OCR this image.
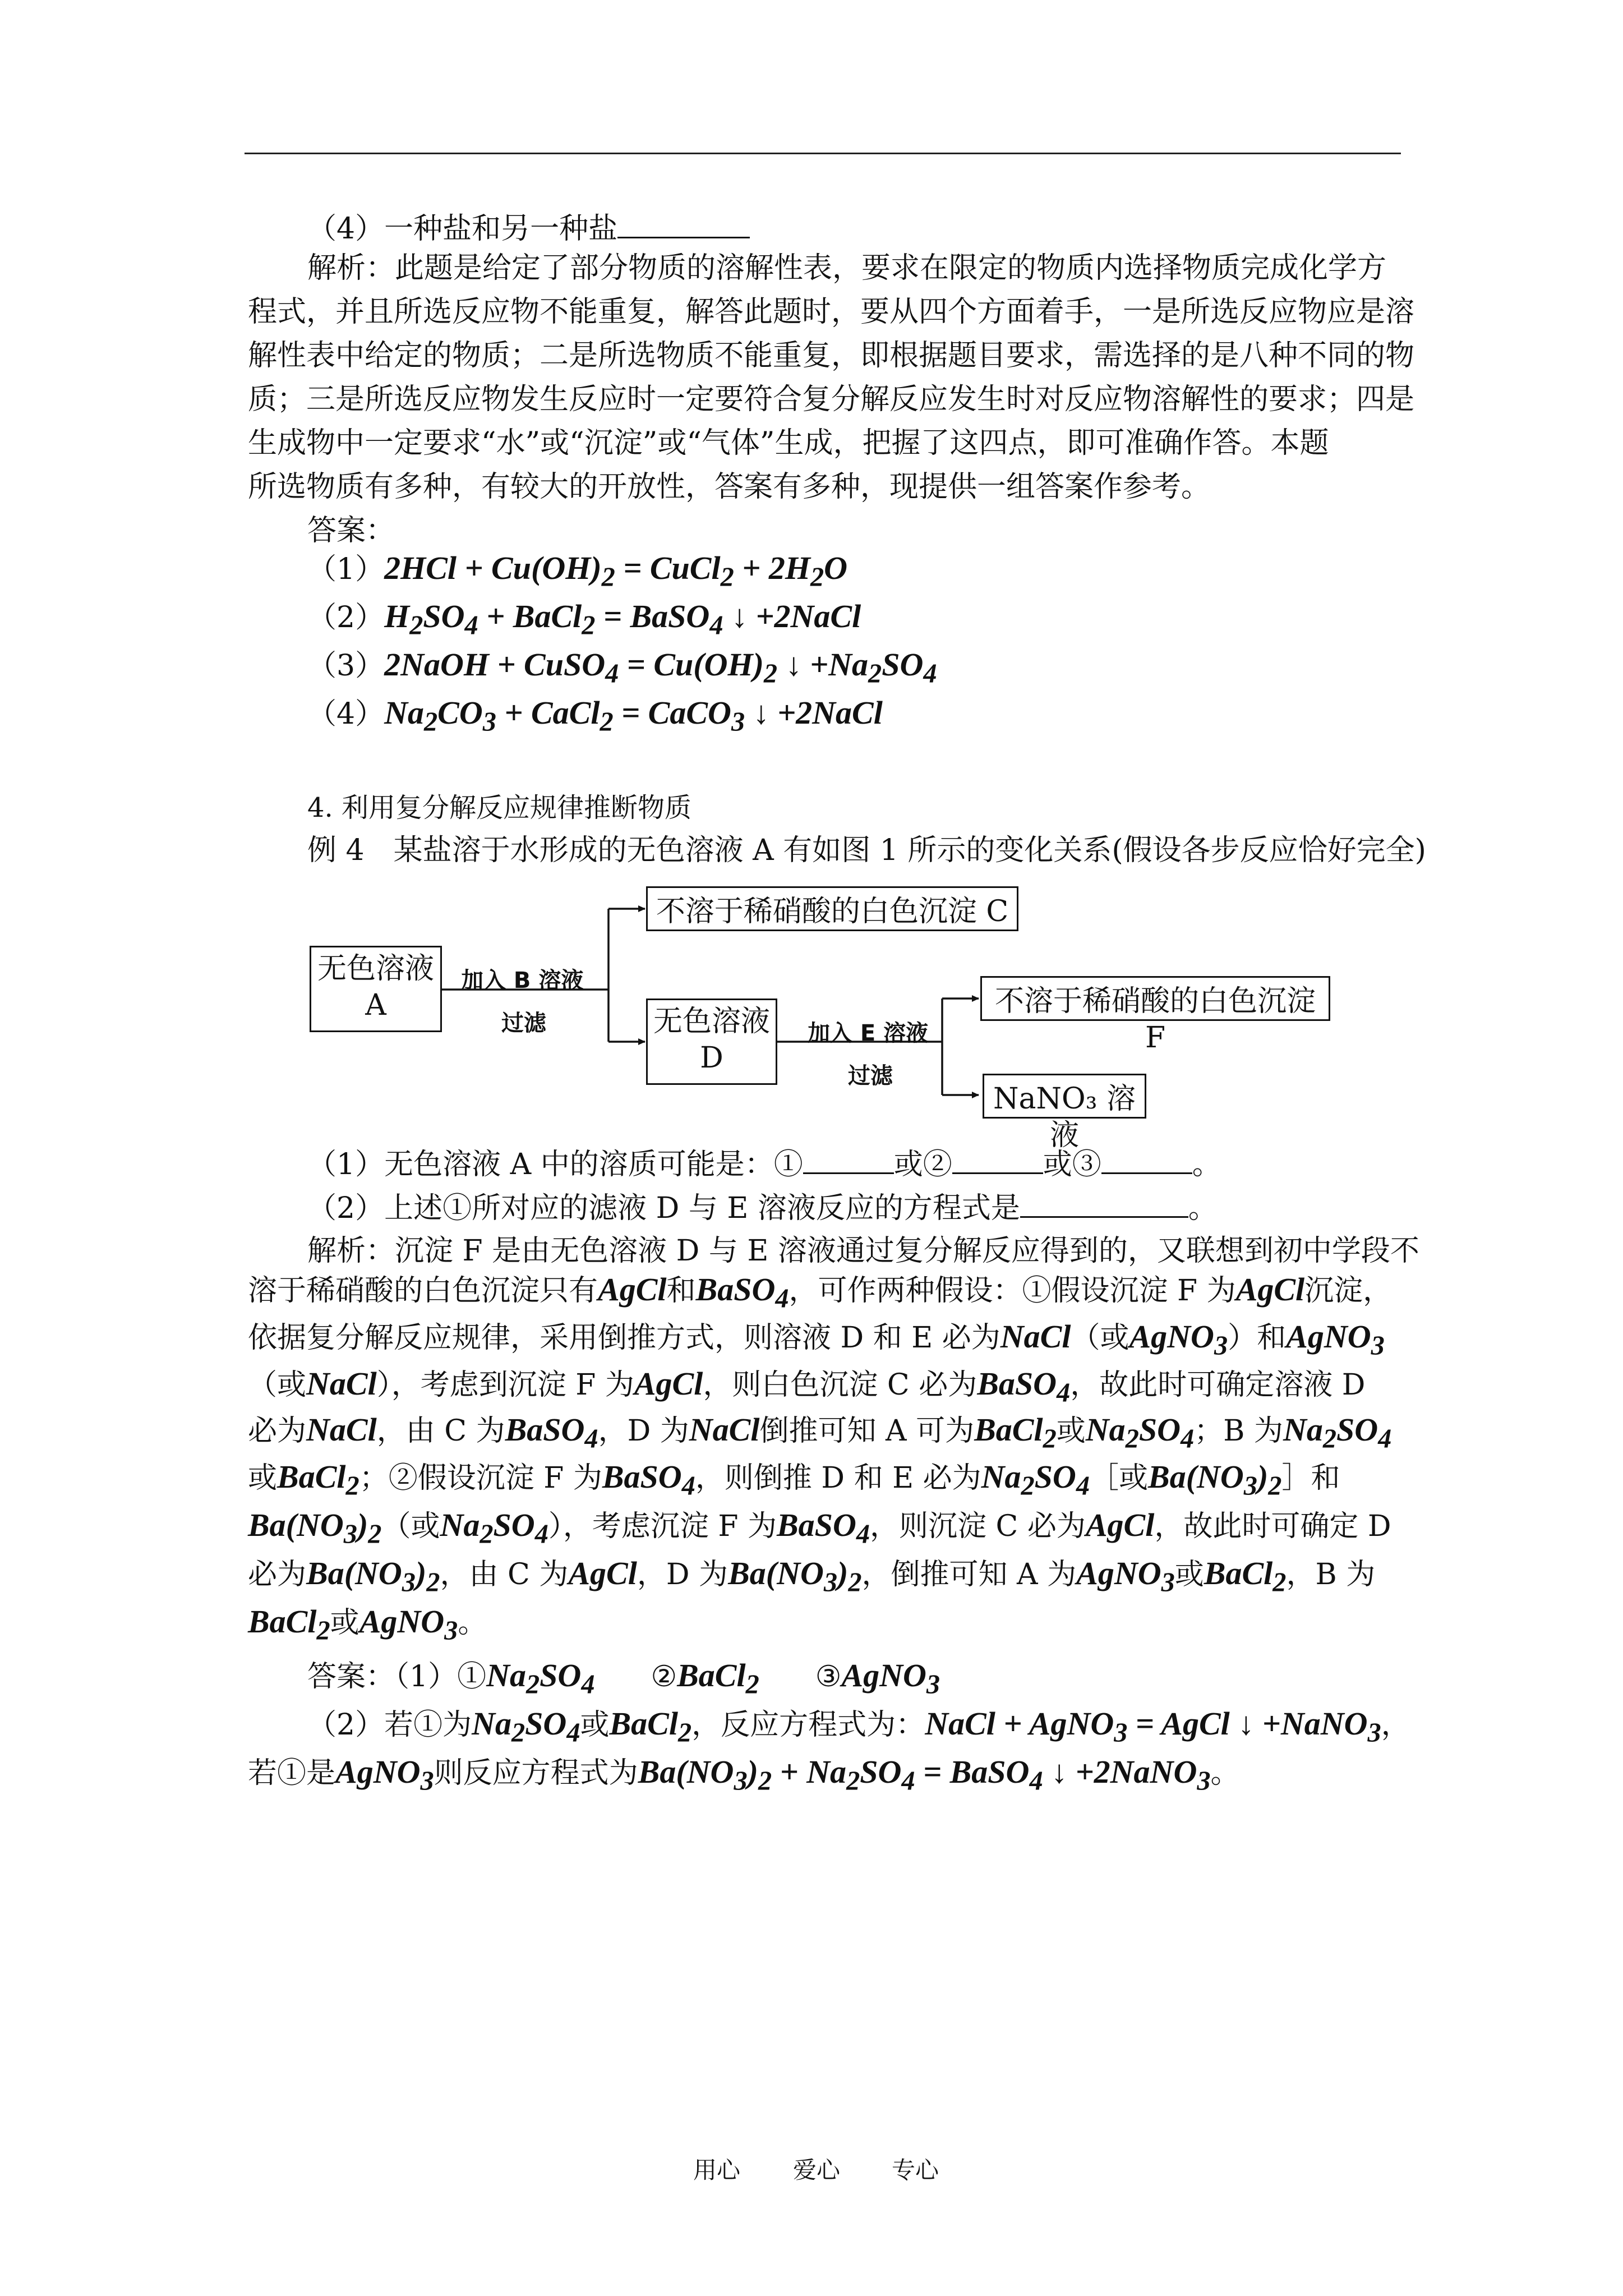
（4）一种盐和另一种盐
解析：此题是给定了部分物质的溶解性表，要求在限定的物质内选择物质完成化学方
程式，并且所选反应物不能重复，解答此题时，要从四个方面着手，一是所选反应物应是溶
解性表中给定的物质；二是所选物质不能重复，即根据题目要求，需选择的是八种不同的物
质；三是所选反应物发生反应时一定要符合复分解反应发生时对反应物溶解性的要求；四是
生成物中一定要求“水”或“沉淀”或“气体”生成，把握了这四点，即可准确作答。本题
所选物质有多种，有较大的开放性，答案有多种，现提供一组答案作参考。
答案：
$(1)2HCl + Cu(OH)_2$ = CuCl$_2$ + $2H_2O$
$(2)H_2SO_4$ + BaCl$_2$ = BaSO$_4$ ↓ +2NaCl
（3）2NaOH + CuSO$_4$ = $Cu(OH)_2$ ↓ $+Na_2SO_4$
$(4)Na_2CO_3$ + CaCl$_2$ = CaCO$_3$ ↓ +2NaCl
4. 利用复分解反应规律推断物质
例 4　某盐溶于水形成的无色溶液 A 有如图 1 所示的变化关系(假设各步反应恰好完全)
无色溶液
A
加入 B 溶液
过滤
不溶于稀硝酸的白色沉淀 C
无色溶液
D
加入 E 溶液
过滤
不溶于稀硝酸的白色沉淀 F
NaNO₃ 溶液
（1）无色溶液 A 中的溶质可能是：①	或②	或③	。
（2）上述①所对应的滤液 D 与 E 溶液反应的方程式是	。
解析：沉淀 F 是由无色溶液 D 与 E 溶液通过复分解反应得到的，又联想到初中学段不
溶于稀硝酸的白色沉淀只有AgCl和BaSO$_4$，可作两种假设：①假设沉淀 F 为AgCl沉淀，
依据复分解反应规律，采用倒推方式，则溶液 D 和 E 必为NaCl（或AgNO$_3$）和AgNO$_3$
（或NaCl），考虑到沉淀 F 为AgCl，则白色沉淀 C 必为BaSO$_4$，故此时可确定溶液 D
必为NaCl，由 C 为BaSO$_4$，D 为NaCl倒推可知 A 可为BaCl$_2$或$Na_2SO_4$；B 为$Na_2SO_4$
或BaCl$_2$；②假设沉淀 F 为BaSO$_4$，则倒推 D 和 E 必为$Na_2SO_4[$或$Ba(NO_3)_2]$和
$Ba(NO_3)_2$（或$Na_2SO_4$），考虑沉淀 F 为BaSO$_4$，则沉淀 C 必为AgCl，故此时可确定 D
必为$Ba(NO_3)_2$，由 C 为AgCl，D 为$Ba(NO_3)_2$，倒推可知 A 为AgNO$_3$或BaCl$_2$，B 为
BaCl$_2$或AgNO$_3$。
答案：$(1)①Na_2SO_4$ ②BaCl$_2$ ③AgNO$_3$
（2）若①为$Na_2SO_4$或BaCl$_2$，反应方程式为：NaCl + AgNO$_3$ = AgCl ↓ +NaNO$_3$，
若①是AgNO$_3$则反应方程式为$Ba(NO_3)_2 + Na_2SO_4$ = BaSO$_4$ ↓ +2NaNO$_3$。
用心 爱心 专心
